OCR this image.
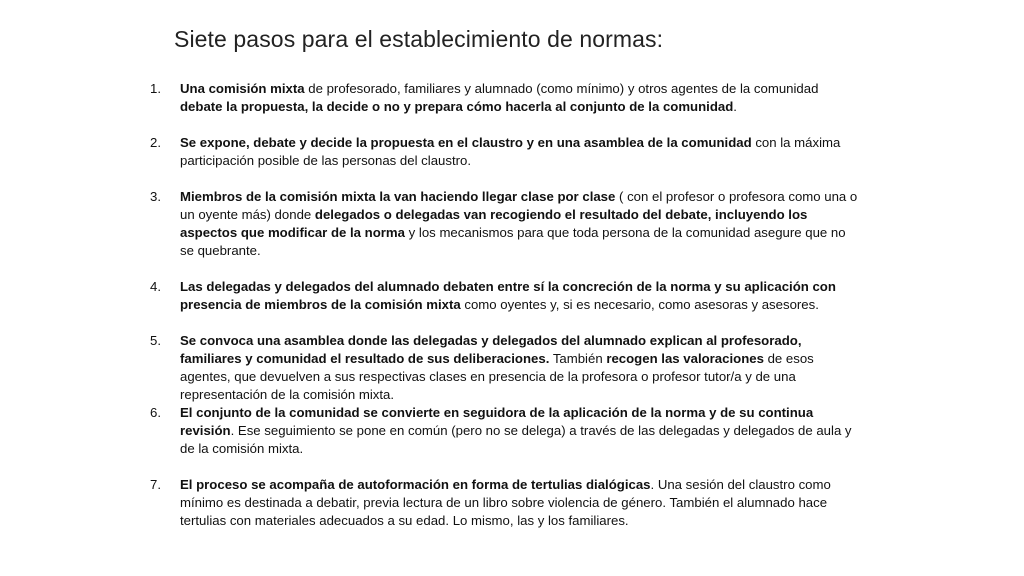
Siete pasos para el establecimiento de normas:
1. Una comisión mixta de profesorado, familiares y alumnado (como mínimo) y otros agentes de la comunidad debate la propuesta, la decide o no y prepara cómo hacerla al conjunto de la comunidad.
2. Se expone, debate y decide la propuesta en el claustro y en una asamblea de la comunidad con la máxima participación posible de las personas del claustro.
3. Miembros de la comisión mixta la van haciendo llegar clase por clase ( con el profesor o profesora como una o un oyente más) donde delegados o delegadas van recogiendo el resultado del debate, incluyendo los aspectos que modificar de la norma y los mecanismos para que toda persona de la comunidad asegure que no se quebrante.
4. Las delegadas y delegados del alumnado debaten entre sí la concreción de la norma y su aplicación con presencia de miembros de la comisión mixta como oyentes y, si es necesario, como asesoras y asesores.
5. Se convoca una asamblea donde las delegadas y delegados del alumnado explican al profesorado, familiares y comunidad el resultado de sus deliberaciones. También recogen las valoraciones de esos agentes, que devuelven a sus respectivas clases en presencia de la profesora o profesor tutor/a y de una representación de la comisión mixta.
6. El conjunto de la comunidad se convierte en seguidora de la aplicación de la norma y de su continua revisión. Ese seguimiento se pone en común (pero no se delega) a través de las delegadas y delegados de aula y de la comisión mixta.
7. El proceso se acompaña de autoformación en forma de tertulias dialógicas. Una sesión del claustro como mínimo es destinada a debatir, previa lectura de un libro sobre violencia de género. También el alumnado hace tertulias con materiales adecuados a su edad. Lo mismo, las y los familiares.
